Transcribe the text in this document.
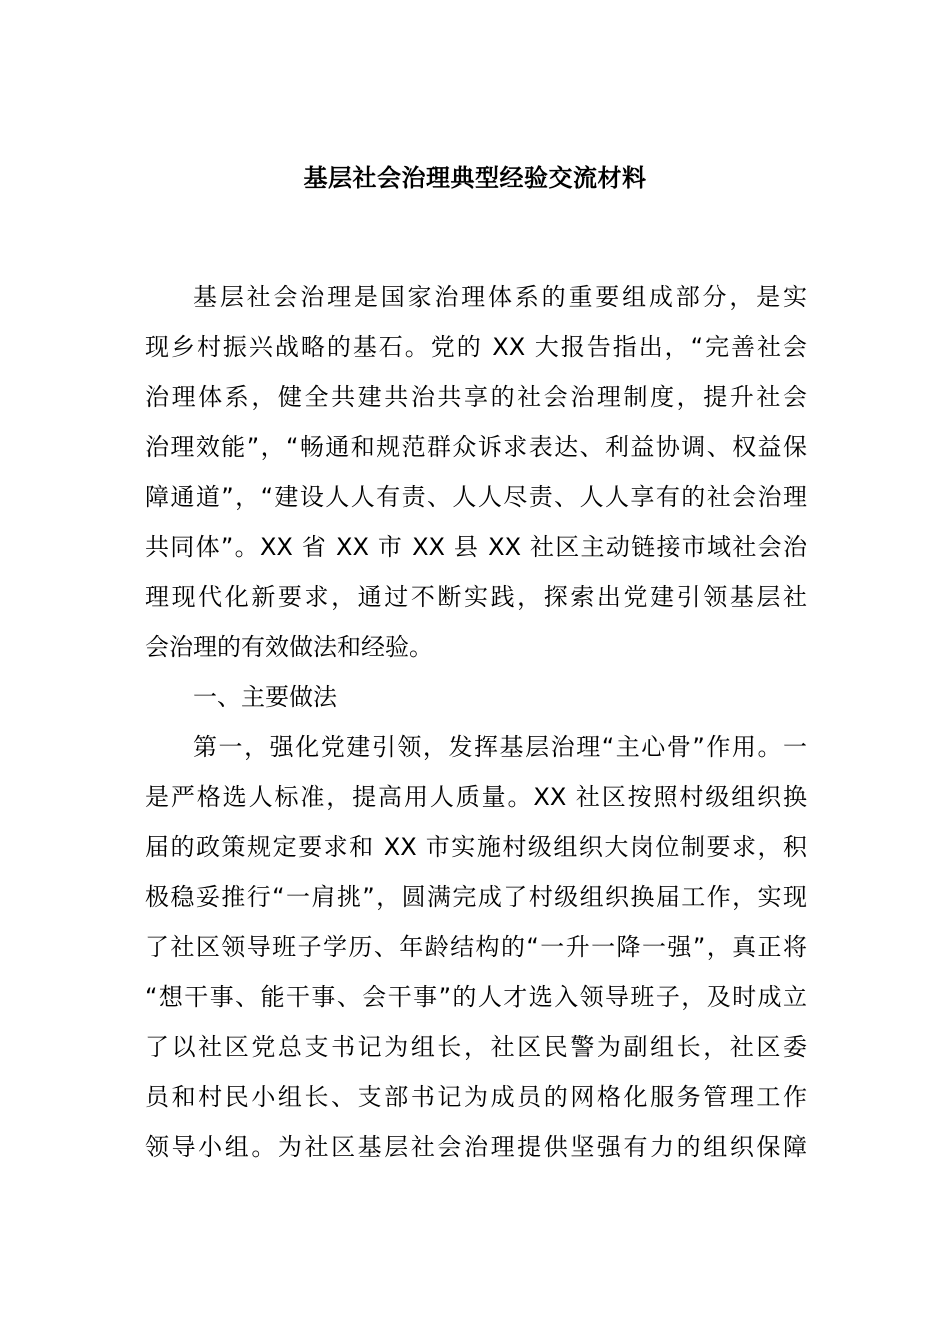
基层社会治理典型经验交流材料
基层社会治理是国家治理体系的重要组成部分，是实
现乡村振兴战略的基石。党的 XX 大报告指出，“完善社会
治理体系，健全共建共治共享的社会治理制度，提升社会
治理效能”，“畅通和规范群众诉求表达、利益协调、权益保
障通道”，“建设人人有责、人人尽责、人人享有的社会治理
共同体”。XX 省 XX 市 XX 县 XX 社区主动链接市域社会治
理现代化新要求，通过不断实践，探索出党建引领基层社
会治理的有效做法和经验。
一、主要做法
第一，强化党建引领，发挥基层治理“主心骨”作用。一
是严格选人标准，提高用人质量。XX 社区按照村级组织换
届的政策规定要求和 XX 市实施村级组织大岗位制要求，积
极稳妥推行“一肩挑”，圆满完成了村级组织换届工作，实现
了社区领导班子学历、年龄结构的“一升一降一强”，真正将
“想干事、能干事、会干事”的人才选入领导班子，及时成立
了以社区党总支书记为组长，社区民警为副组长，社区委
员和村民小组长、支部书记为成员的网格化服务管理工作
领导小组。为社区基层社会治理提供坚强有力的组织保障
